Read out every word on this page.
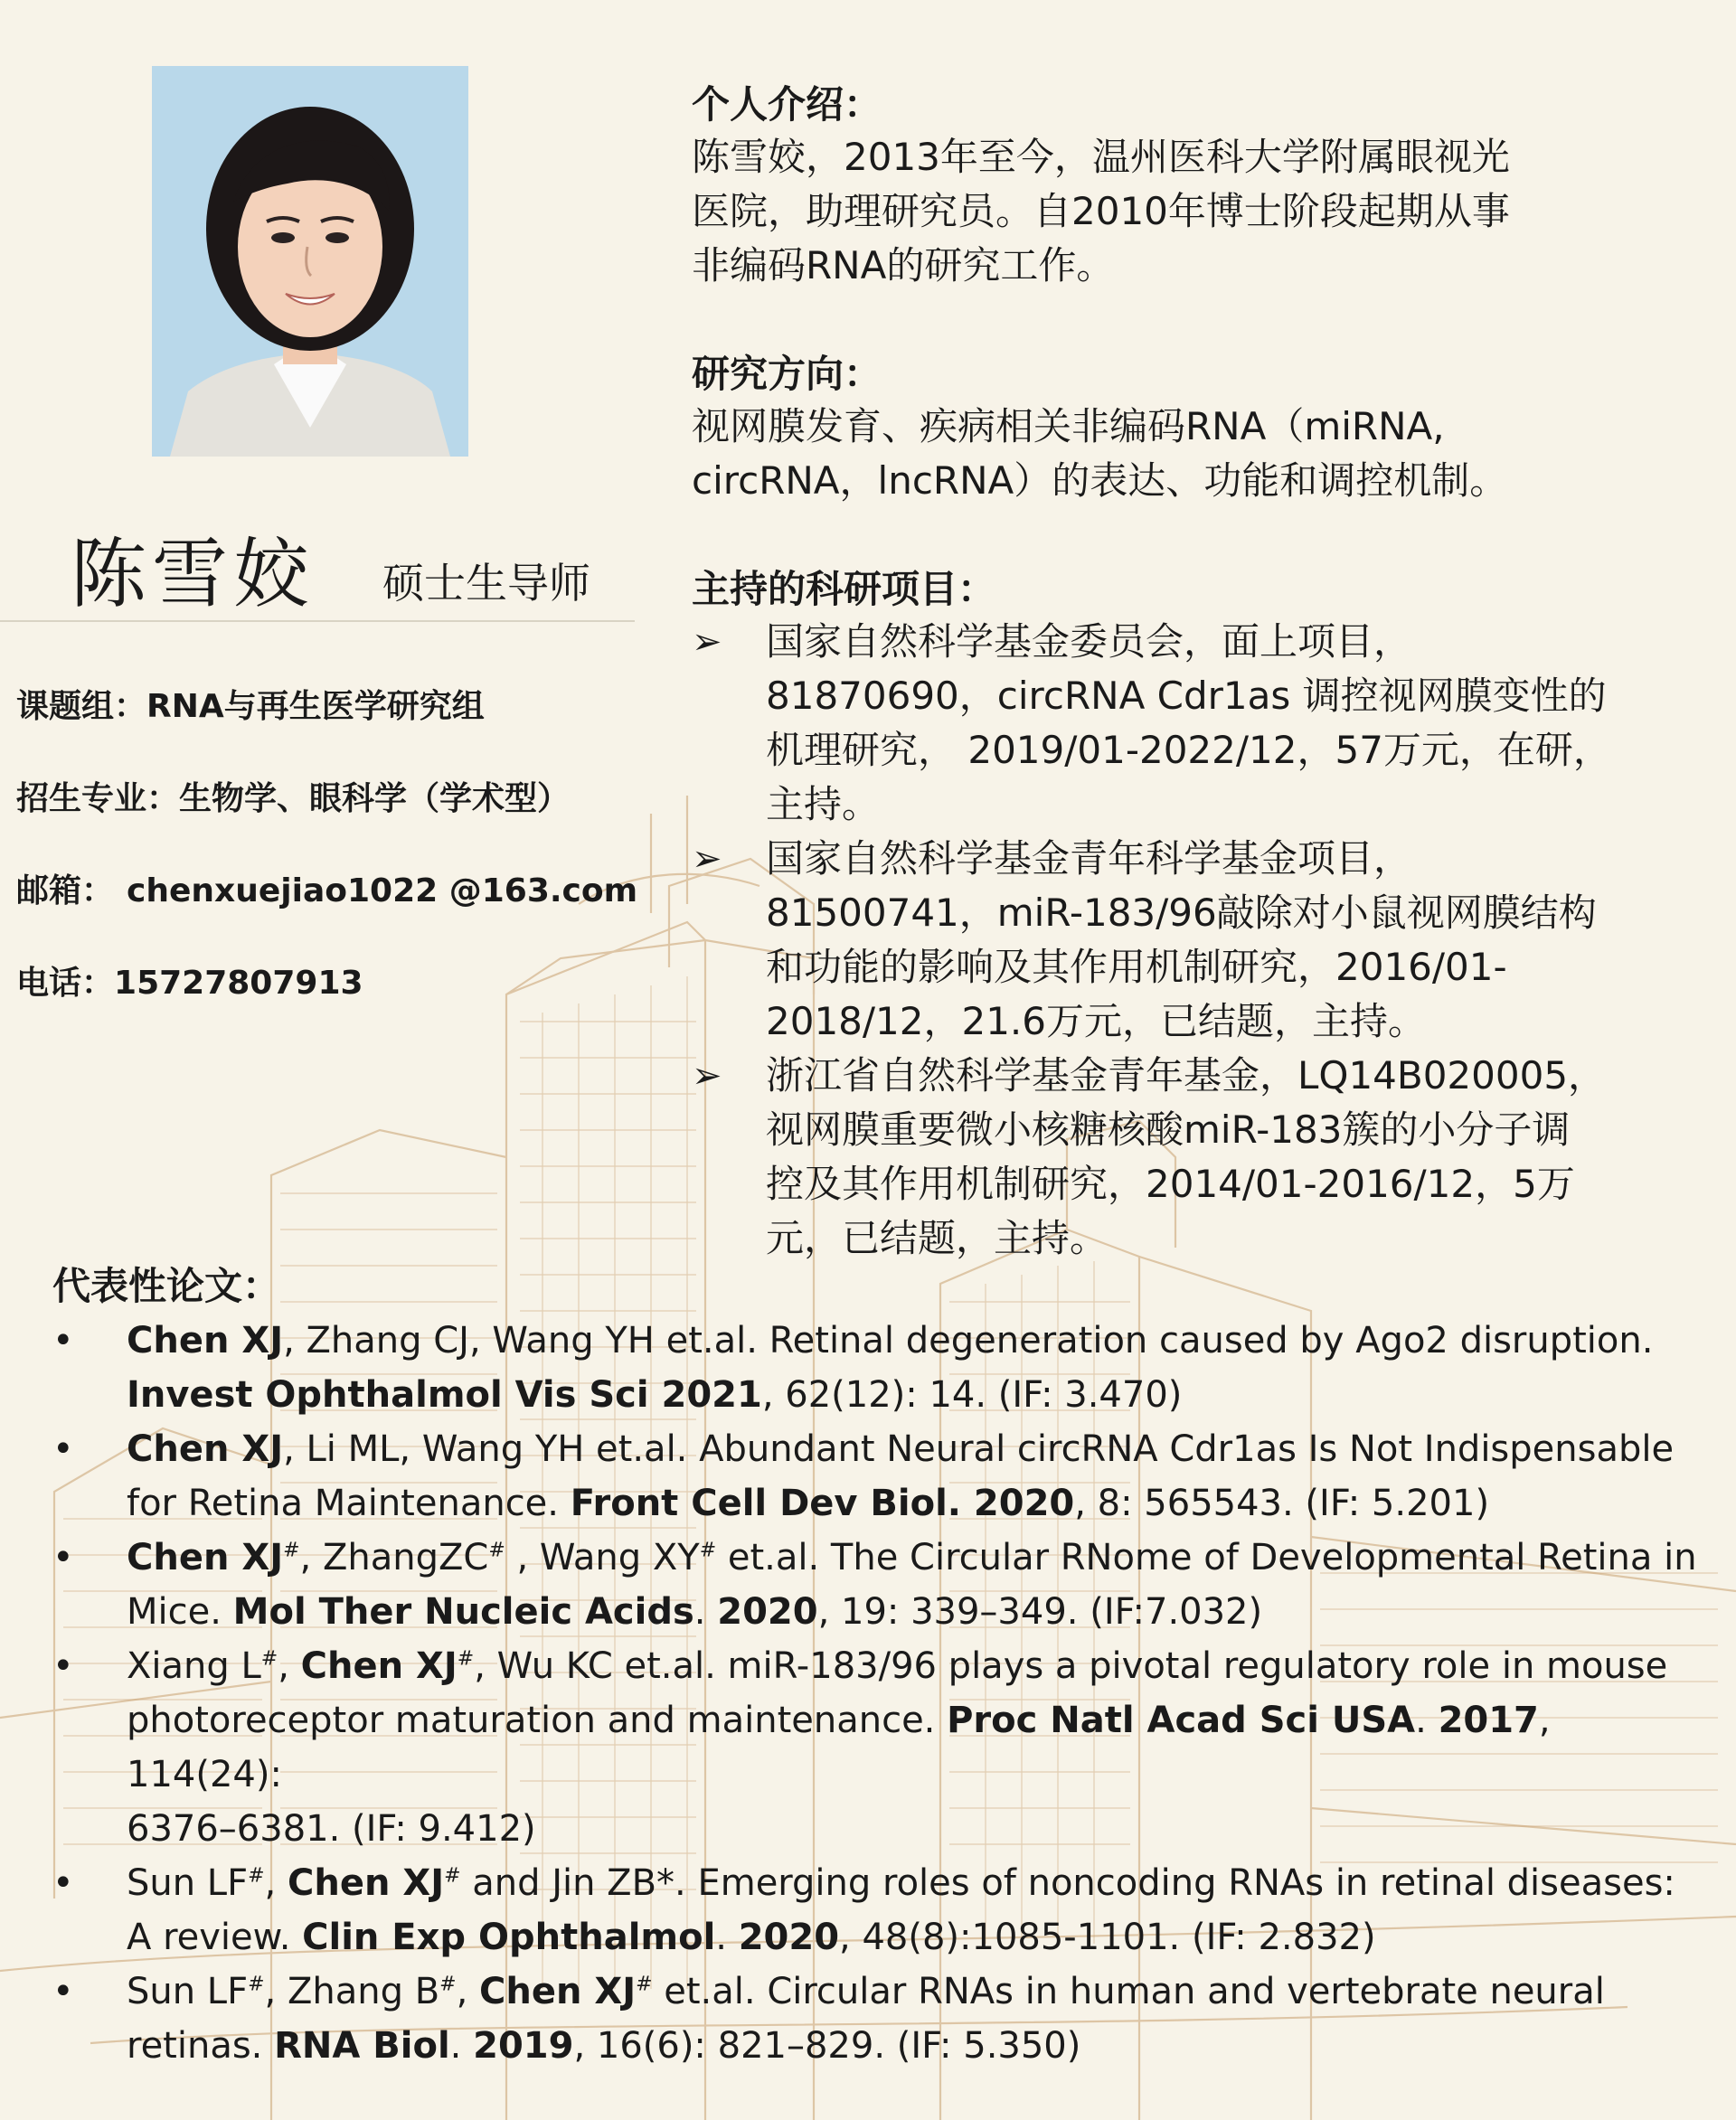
陈雪姣 硕士生导师
课题组：RNA与再生医学研究组
招生专业：生物学、眼科学（学术型）
邮箱： chenxuejiao1022 @163.com
电话：15727807913
个人介绍：
陈雪姣，2013年至今，温州医科大学附属眼视光
医院，助理研究员。自2010年博士阶段起期从事
非编码RNA的研究工作。
研究方向：
视网膜发育、疾病相关非编码RNA（miRNA,
circRNA，lncRNA）的表达、功能和调控机制。
主持的科研项目：
➢ 国家自然科学基金委员会，面上项目，
81870690，circRNA Cdr1as 调控视网膜变性的
机理研究， 2019/01-2022/12，57万元，在研，
主持。
➢ 国家自然科学基金青年科学基金项目，
81500741，miR-183/96敲除对小鼠视网膜结构
和功能的影响及其作用机制研究，2016/01-
2018/12，21.6万元，已结题，主持。
➢ 浙江省自然科学基金青年基金，LQ14B020005，
视网膜重要微小核糖核酸miR-183簇的小分子调
控及其作用机制研究，2014/01-2016/12，5万
元，已结题，主持。
代表性论文：
• Chen XJ, Zhang CJ, Wang YH et.al. Retinal degeneration caused by Ago2 disruption.
Invest Ophthalmol Vis Sci 2021, 62(12): 14. (IF: 3.470)
• Chen XJ, Li ML, Wang YH et.al. Abundant Neural circRNA Cdr1as Is Not Indispensable
for Retina Maintenance. Front Cell Dev Biol. 2020, 8: 565543. (IF: 5.201)
• Chen XJ#, ZhangZC# , Wang XY# et.al. The Circular RNome of Developmental Retina in
Mice. Mol Ther Nucleic Acids. 2020, 19: 339–349. (IF:7.032)
• Xiang L#, Chen XJ#, Wu KC et.al. miR-183/96 plays a pivotal regulatory role in mouse
photoreceptor maturation and maintenance. Proc Natl Acad Sci USA. 2017, 114(24):
6376–6381. (IF: 9.412)
• Sun LF#, Chen XJ# and Jin ZB*. Emerging roles of noncoding RNAs in retinal diseases:
A review. Clin Exp Ophthalmol. 2020, 48(8):1085-1101. (IF: 2.832)
• Sun LF#, Zhang B#, Chen XJ# et.al. Circular RNAs in human and vertebrate neural
retinas. RNA Biol. 2019, 16(6): 821–829. (IF: 5.350)
